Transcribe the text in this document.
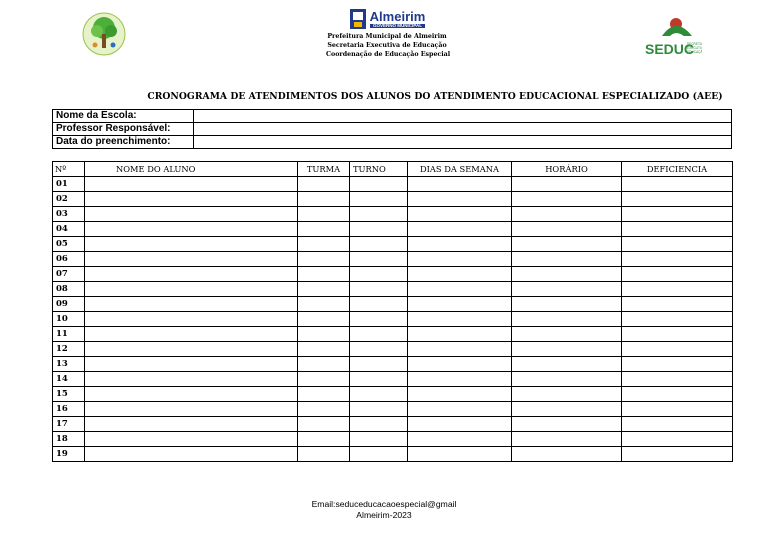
Almeirim
GOVERNO MUNICIPAL
Prefeitura Municipal de Almeirim
Secretaria Executiva de Educação
Coordenação de Educação Especial	SEDUC
SECRETA
EXECUTI
EDUCAÇ
CRONOGRAMA DE ATENDIMENTOS DOS ALUNOS DO ATENDIMENTO EDUCACIONAL ESPECIALIZADO (AEE)
Nome da Escola:	
Professor Responsável:	
Data do preenchimento:	
Nº	NOME DO ALUNO	TURMA	TURNO	DIAS DA SEMANA	HORÁRIO	DEFICIENCIA
01						
02						
03						
04						
05						
06						
07						
08						
09						
10						
11						
12						
13						
14						
15						
16						
17						
18						
19						
Email:seduceducacaoespecial@gmail
Almeirim-2023
